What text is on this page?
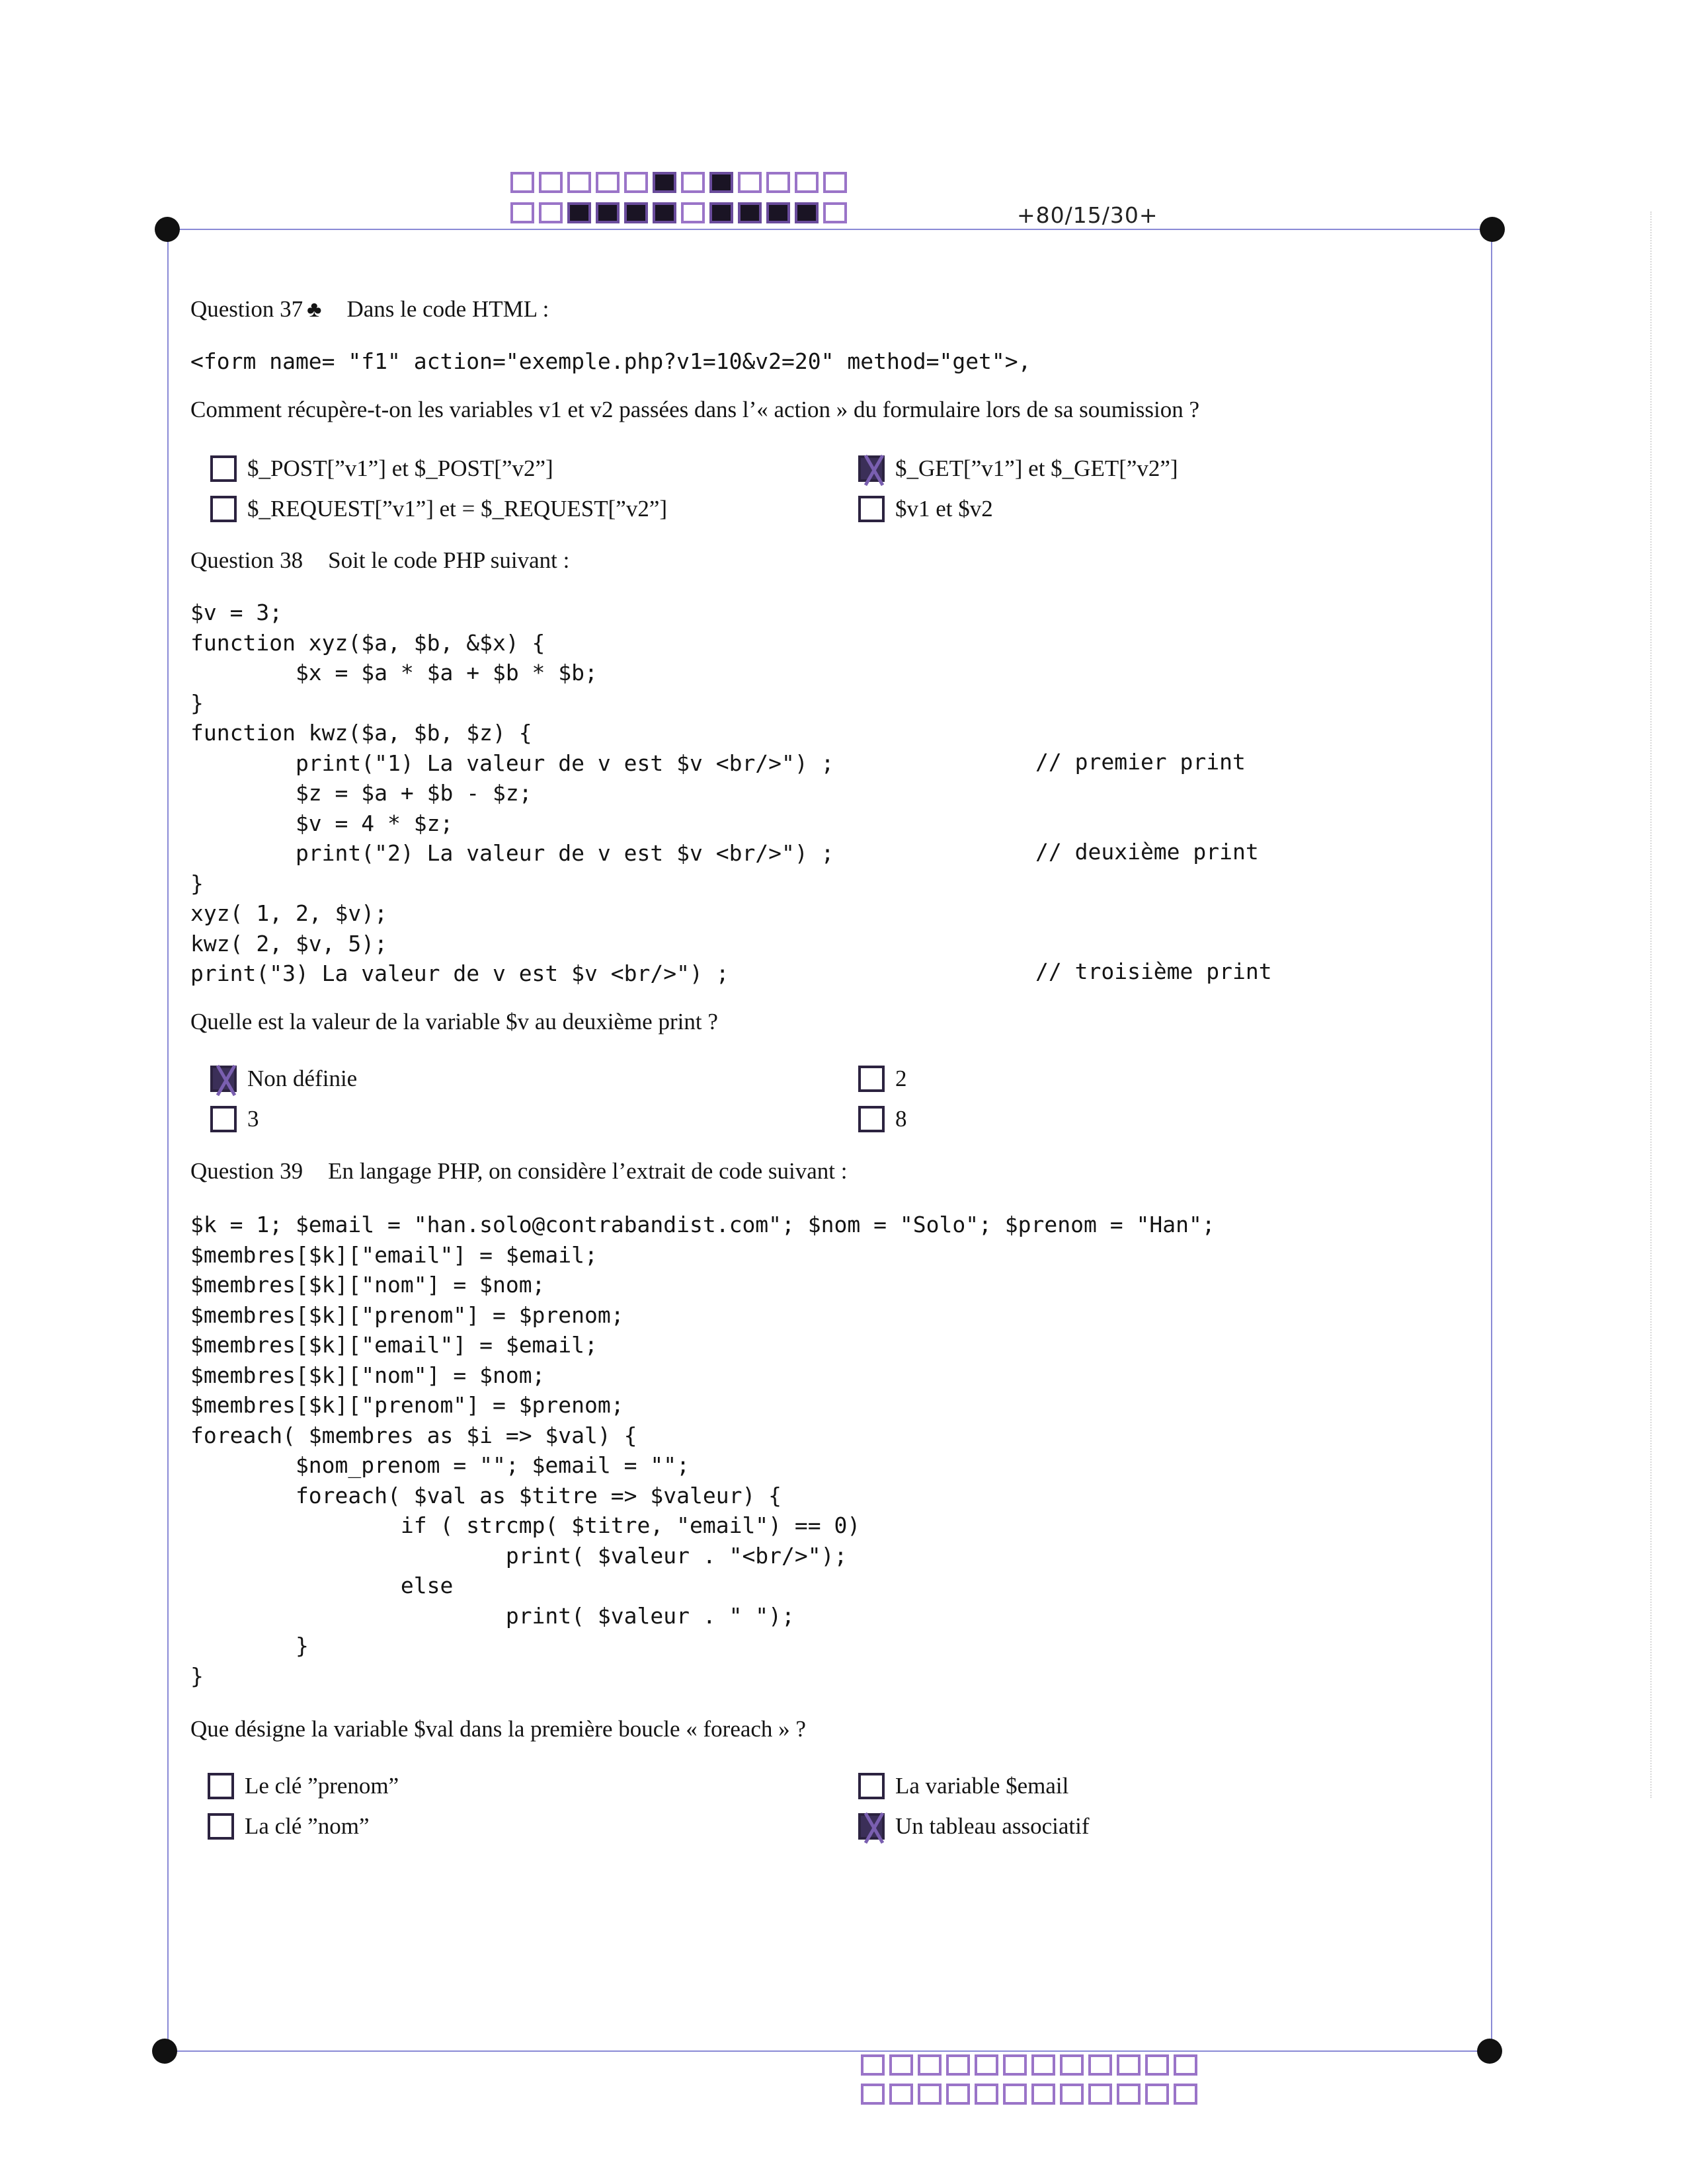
+80/15/30+
Question 37 ♣ Dans le code HTML :
<form name= "f1" action="exemple.php?v1=10&v2=20" method="get">,
Comment récupère-t-on les variables v1 et v2 passées dans l’« action » du formulaire lors de sa soumission ?
$_POST[”v1”] et $_POST[”v2”]	$_GET[”v1”] et $_GET[”v2”]
$_REQUEST[”v1”] et = $_REQUEST[”v2”]	$v1 et $v2
Question 38 Soit le code PHP suivant :
$v = 3;
function xyz($a, $b, &$x) {
$x = $a * $a + $b * $b;
}
function kwz($a, $b, $z) {
print("1) La valeur de v est $v <br/>") ;
$z = $a + $b - $z;
$v = 4 * $z;
print("2) La valeur de v est $v <br/>") ;
}
xyz( 1, 2, $v);
kwz( 2, $v, 5);
print("3) La valeur de v est $v <br/>") ;
// premier print
// deuxième print
// troisième print
Quelle est la valeur de la variable $v au deuxième print ?
Non définie	2
3	8
Question 39 En langage PHP, on considère l’extrait de code suivant :
$k = 1; $email = "han.solo@contrabandist.com"; $nom = "Solo"; $prenom = "Han";
$membres[$k]["email"] = $email;
$membres[$k]["nom"] = $nom;
$membres[$k]["prenom"] = $prenom;
$membres[$k]["email"] = $email;
$membres[$k]["nom"] = $nom;
$membres[$k]["prenom"] = $prenom;
foreach( $membres as $i => $val) {
$nom_prenom = ""; $email = "";
foreach( $val as $titre => $valeur) {
if ( strcmp( $titre, "email") == 0)
print( $valeur . "<br/>");
else
print( $valeur . " ");
}
}
Que désigne la variable $val dans la première boucle « foreach » ?
Le clé ”prenom”	La variable $email
La clé ”nom”	Un tableau associatif
